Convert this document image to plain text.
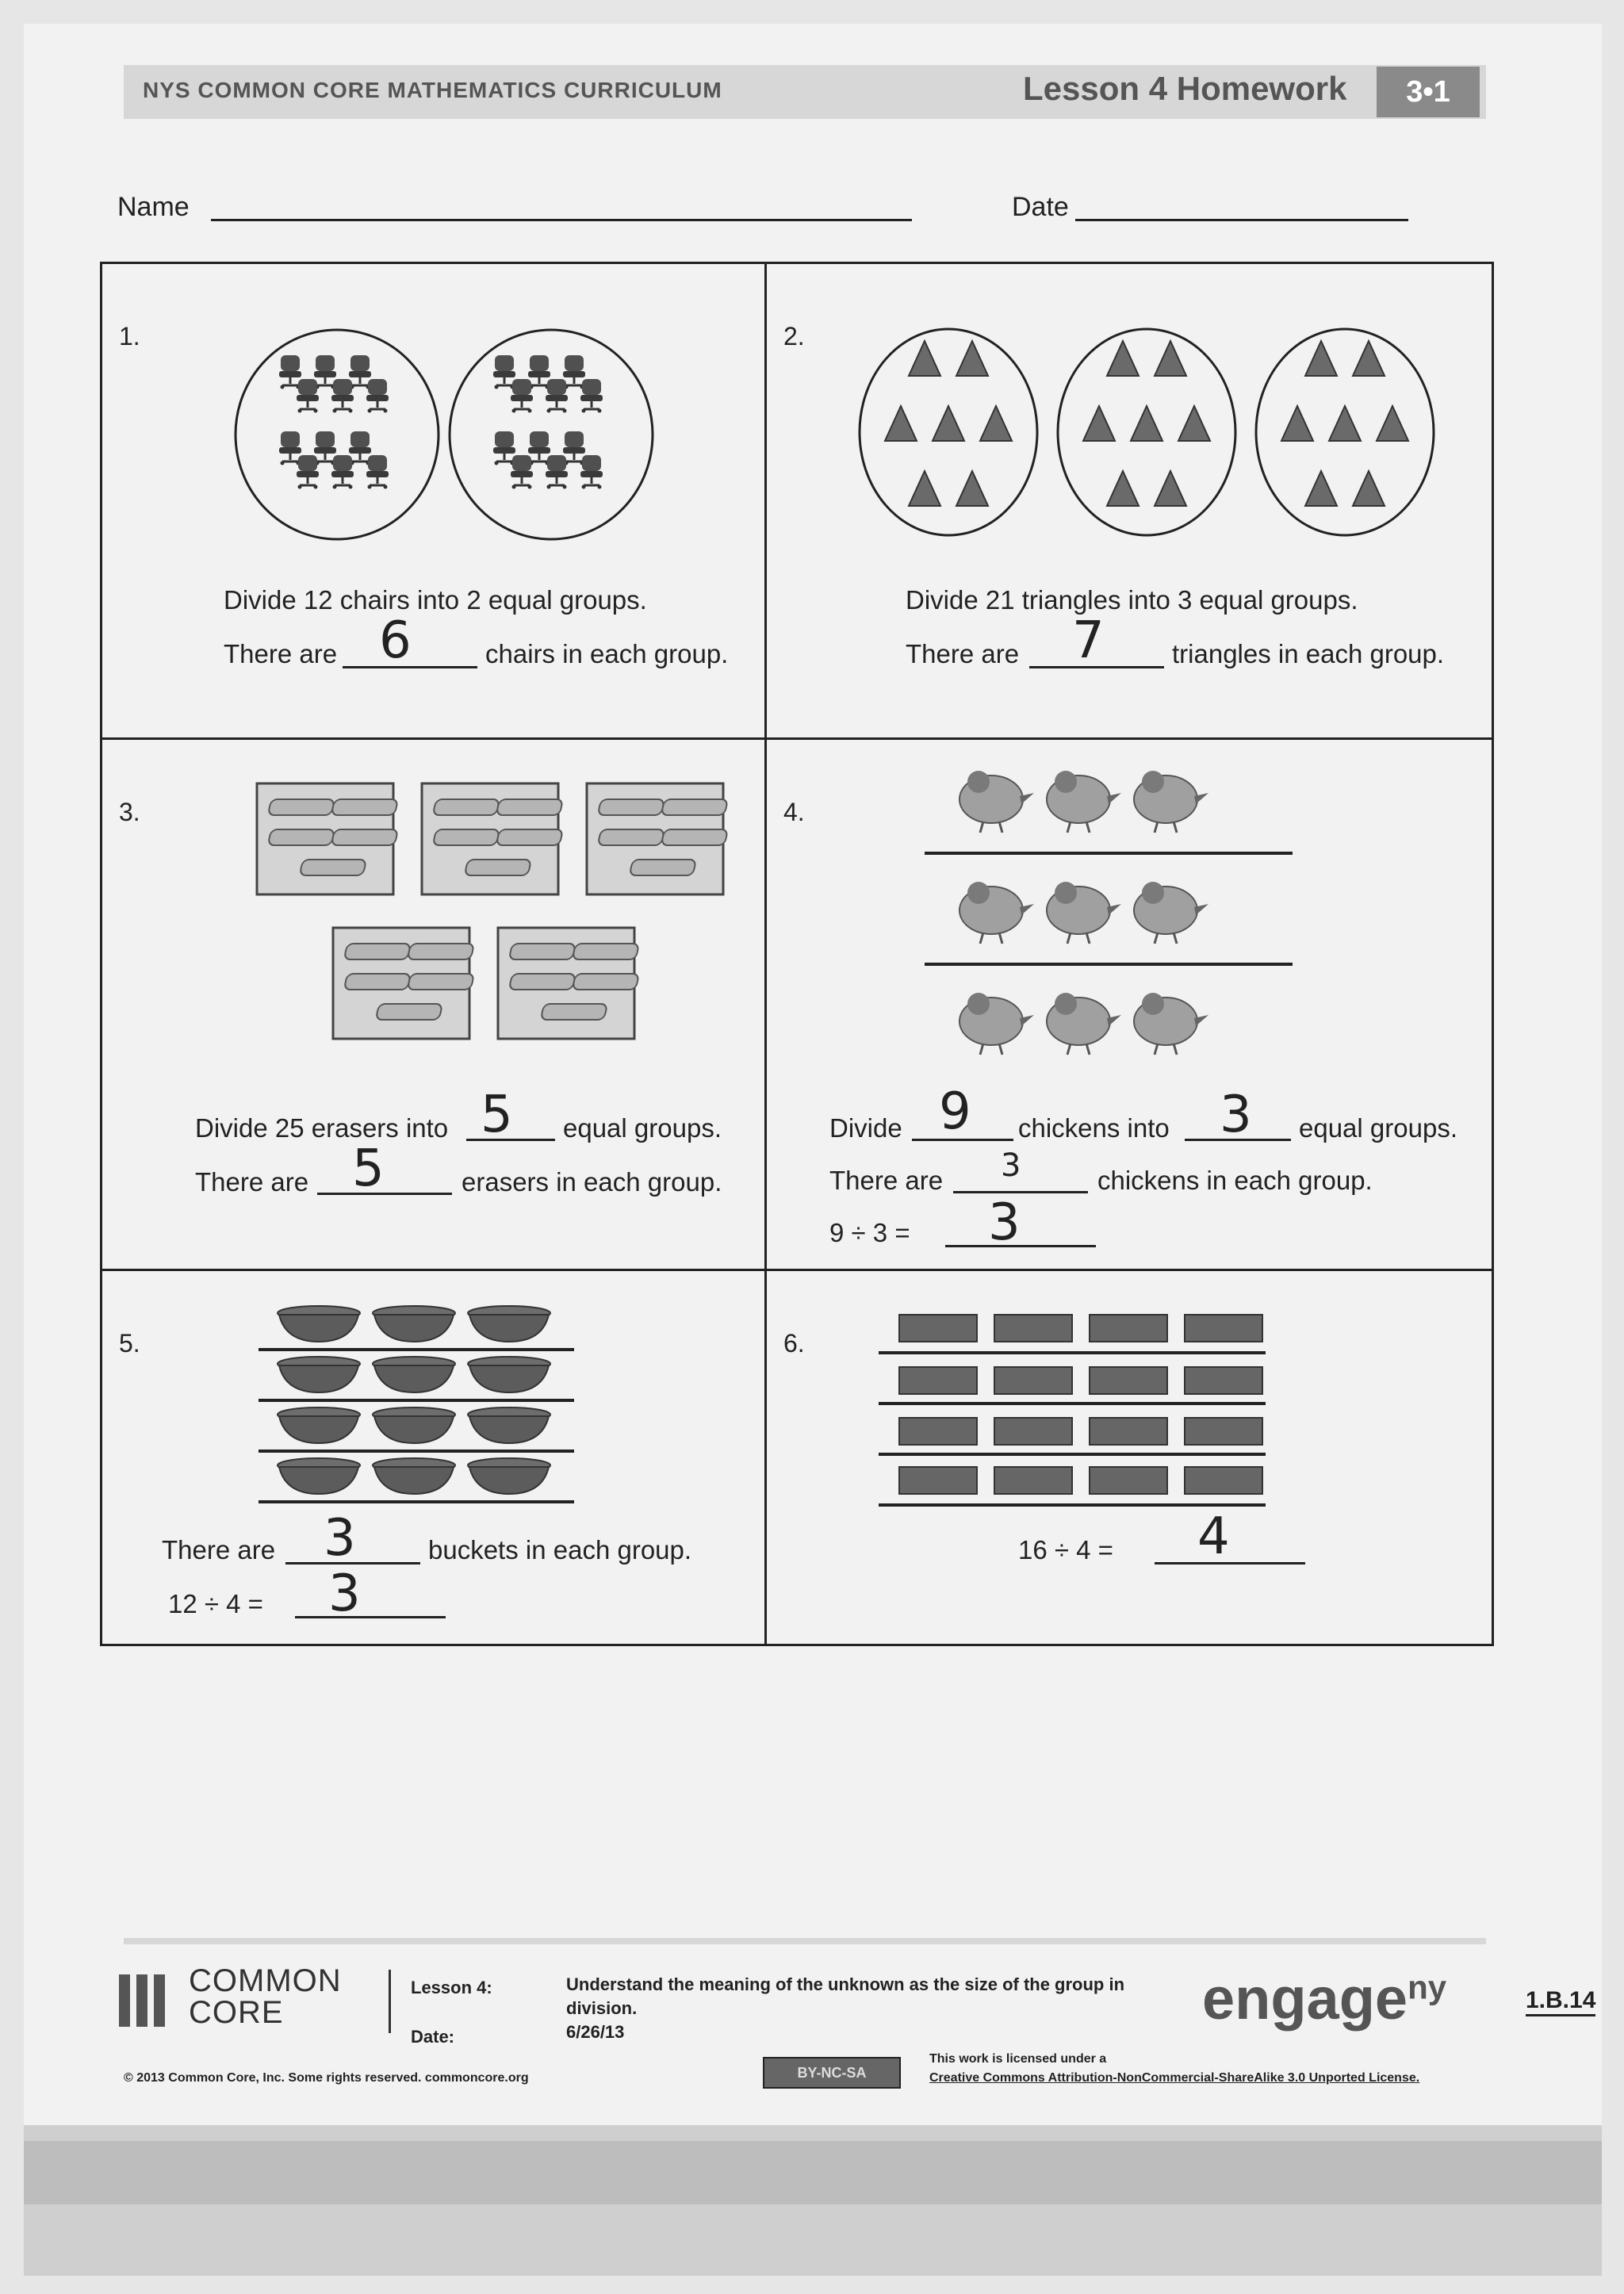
NYS COMMON CORE MATHEMATICS CURRICULUM	Lesson 4 Homework	3•1
Name	Date
1.
Divide 12 chairs into 2 equal groups.
There are 6	chairs in each group.
2.
Divide 21 triangles into 3 equal groups.
There are 7	triangles in each group.
3.
Divide 25 erasers into 5 equal groups.
There are 5	erasers in each group.
4.
Divide 9 chickens into 3 equal groups.
There are 3	chickens in each group.
9 ÷ 3 = 3
5.
There are 3	buckets in each group.
12 ÷ 4 = 3
6.
16 ÷ 4 = 4
COMMON
CORE
Lesson 4:
Date:
Understand the meaning of the unknown as the size of the group in division.
6/26/13
engage$^{ny}$	1.B.14
© 2013 Common Core, Inc. Some rights reserved. commoncore.org	BY-NC-SA
This work is licensed under a
Creative Commons Attribution-NonCommercial-ShareAlike 3.0 Unported License.
